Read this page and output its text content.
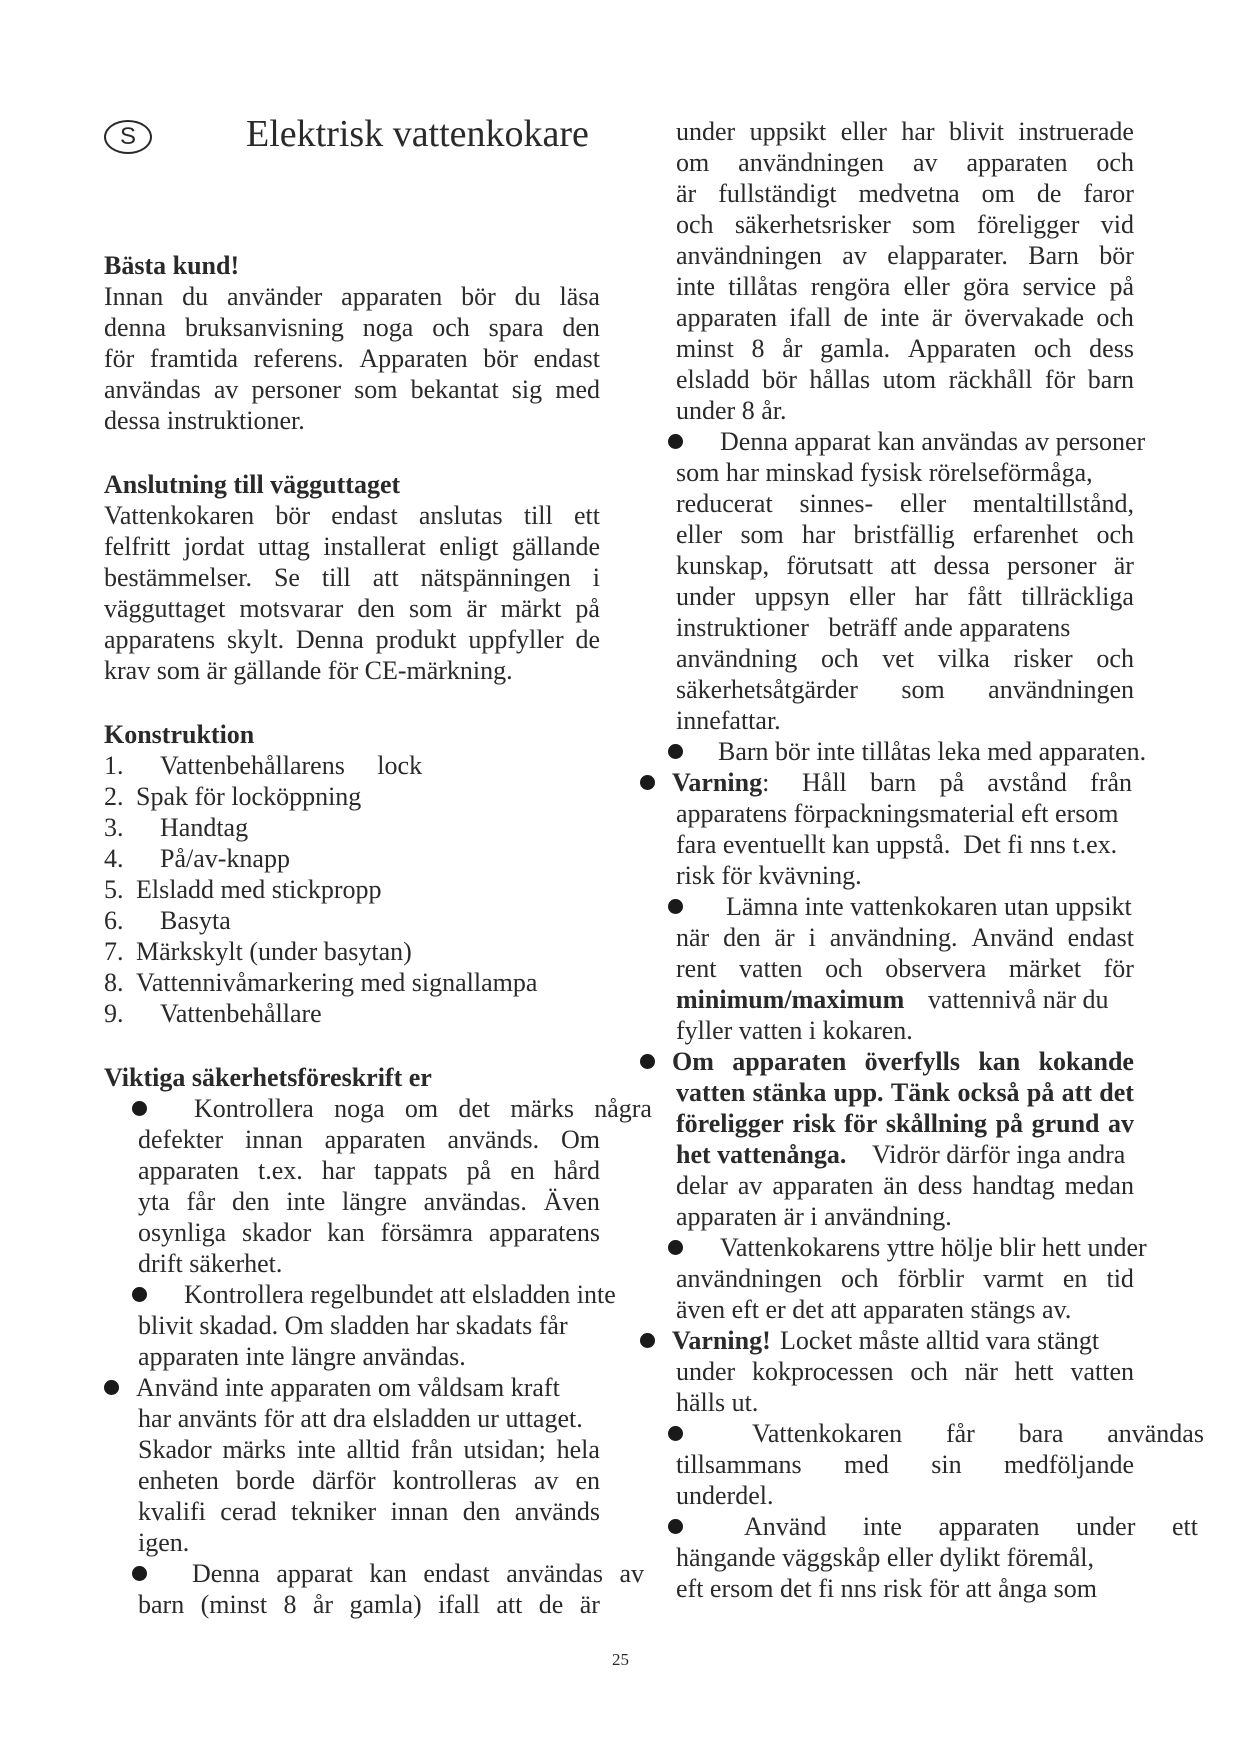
S	Elektrisk vattenkokare
Bästa kund!
Innan du använder apparaten bör du läsa
denna bruksanvisning noga och spara den
för framtida referens. Apparaten bör endast
användas av personer som bekantat sig med
dessa instruktioner.
Anslutning till vägguttaget
Vattenkokaren bör endast anslutas till ett
felfritt jordat uttag installerat enligt gällande
bestämmelser. Se till att nätspänningen i
vägguttaget motsvarar den som är märkt på
apparatens skylt. Denna produkt uppfyller de
krav som är gällande för CE-märkning.
Konstruktion
1. Vattenbehållarens     lock
2. Spak för locköppning
3. Handtag
4. På/av-knapp
5. Elsladd med stickpropp
6. Basyta
7. Märkskylt (under basytan)
8. Vattennivåmarkering med signallampa
9. Vattenbehållare
Viktiga säkerhetsföreskrift er
Kontrollera noga om det märks några
defekter innan apparaten används. Om
apparaten t.ex. har tappats på en hård
yta får den inte längre användas. Även
osynliga skador kan försämra apparatens
drift säkerhet.
Kontrollera regelbundet att elsladden inte
blivit skadad. Om sladden har skadats får
apparaten inte längre användas.
Använd inte apparaten om våldsam kraft
har använts för att dra elsladden ur uttaget.
Skador märks inte alltid från utsidan; hela
enheten borde därför kontrolleras av en
kvalifi cerad tekniker innan den används
igen.
Denna apparat kan endast användas av
barn (minst 8 år gamla) ifall att de är
under uppsikt eller har blivit instruerade
om användningen av apparaten och
är fullständigt medvetna om de faror
och säkerhetsrisker som föreligger vid
användningen av elapparater. Barn bör
inte tillåtas rengöra eller göra service på
apparaten ifall de inte är övervakade och
minst 8 år gamla. Apparaten och dess
elsladd bör hållas utom räckhåll för barn
under 8 år.
Denna apparat kan användas av personer
som har minskad fysisk rörelseförmåga,
reducerat sinnes- eller mentaltillstånd,
eller som har bristfällig erfarenhet och
kunskap, förutsatt att dessa personer är
under uppsyn eller har fått tillräckliga
instruktioner   beträff ande apparatens
användning och vet vilka risker och
säkerhetsåtgärder som användningen
innefattar.
Barn bör inte tillåtas leka med apparaten.
Varning: Håll barn på avstånd från
apparatens förpackningsmaterial eft ersom
fara eventuellt kan uppstå.  Det fi nns t.ex.
risk för kvävning.
Lämna inte vattenkokaren utan uppsikt
när den är i användning. Använd endast
rent vatten och observera märket för
minimum/maximum vattennivå när du
fyller vatten i kokaren.
Om apparaten överfylls kan kokande
vatten stänka upp. Tänk också på att det
föreligger risk för skållning på grund av
het vattenånga. Vidrör därför inga andra
delar av apparaten än dess handtag medan
apparaten är i användning.
Vattenkokarens yttre hölje blir hett under
användningen och förblir varmt en tid
även eft er det att apparaten stängs av.
Varning! Locket måste alltid vara stängt
under kokprocessen och när hett vatten
hälls ut.
Vattenkokaren får bara användas
tillsammans med sin medföljande
underdel.
Använd inte apparaten under ett
hängande väggskåp eller dylikt föremål,
eft ersom det fi nns risk för att ånga som
25
